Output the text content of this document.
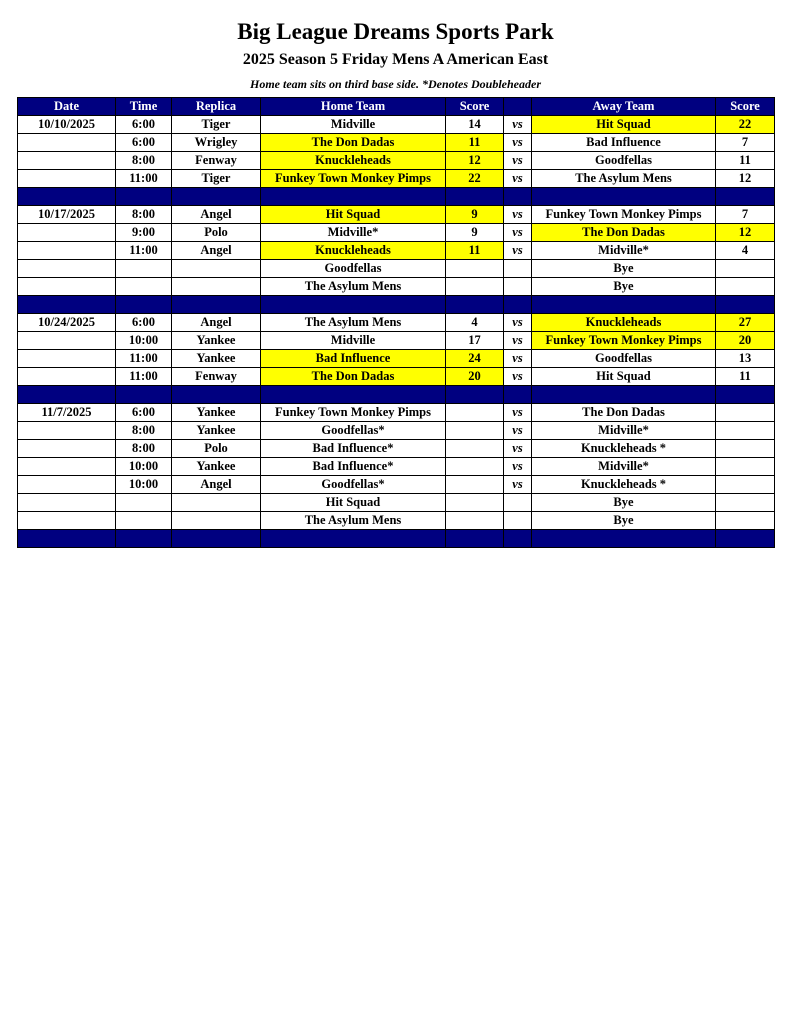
Big League Dreams Sports Park
2025 Season 5 Friday Mens A American East
Home team sits on third base side. *Denotes Doubleheader
Date	Time	Replica	Home Team	Score		Away Team	Score
10/10/2025	6:00	Tiger	Midville	14	vs	Hit Squad	22
	6:00	Wrigley	The Don Dadas	11	vs	Bad Influence	7
	8:00	Fenway	Knuckleheads	12	vs	Goodfellas	11
	11:00	Tiger	Funkey Town Monkey Pimps	22	vs	The Asylum Mens	12

10/17/2025	8:00	Angel	Hit Squad	9	vs	Funkey Town Monkey Pimps	7
	9:00	Polo	Midville*	9	vs	The Don Dadas	12
	11:00	Angel	Knuckleheads	11	vs	Midville*	4
			Goodfellas			Bye	
			The Asylum Mens			Bye	

10/24/2025	6:00	Angel	The Asylum Mens	4	vs	Knuckleheads	27
	10:00	Yankee	Midville	17	vs	Funkey Town Monkey Pimps	20
	11:00	Yankee	Bad Influence	24	vs	Goodfellas	13
	11:00	Fenway	The Don Dadas	20	vs	Hit Squad	11

11/7/2025	6:00	Yankee	Funkey Town Monkey Pimps		vs	The Don Dadas	
	8:00	Yankee	Goodfellas*		vs	Midville*	
	8:00	Polo	Bad Influence*		vs	Knuckleheads *	
	10:00	Yankee	Bad Influence*		vs	Midville*	
	10:00	Angel	Goodfellas*		vs	Knuckleheads *	
			Hit Squad			Bye	
			The Asylum Mens			Bye	
